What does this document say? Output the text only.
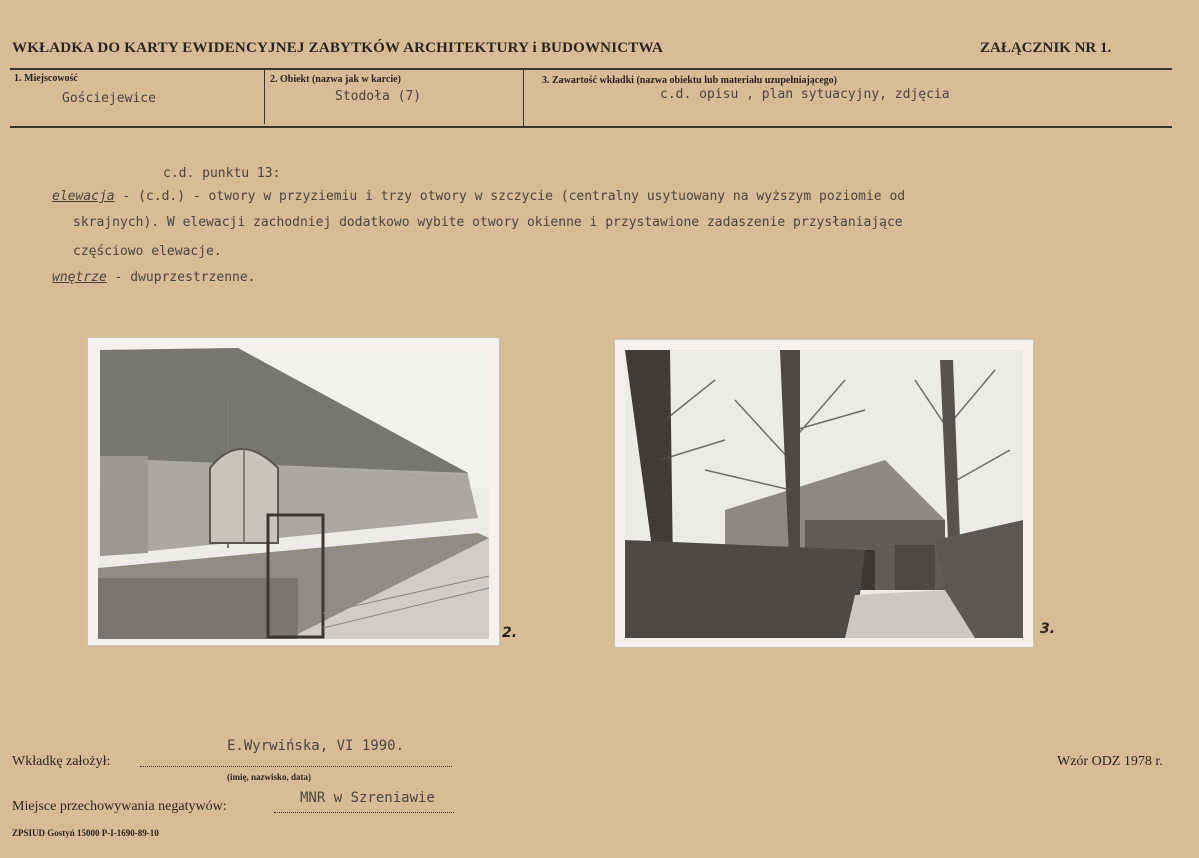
WKŁADKA DO KARTY EWIDENCYJNEJ ZABYTKÓW ARCHITEKTURY i BUDOWNICTWA	ZAŁĄCZNIK NR 1.
1. Miejscowość
Gościejewice
2. Obiekt (nazwa jak w karcie)
Stodoła (7)
3. Zawartość wkładki (nazwa obiektu lub materiału uzupełniającego)
c.d. opisu , plan sytuacyjny, zdjęcia
c.d. punktu 13:
elewacja - (c.d.) - otwory w przyziemiu i trzy otwory w szczycie (centralny usytuowany na wyższym poziomie od
skrajnych). W elewacji zachodniej dodatkowo wybite otwory okienne i przystawione zadaszenie przysłaniające
częściowo elewacje.
wnętrze - dwuprzestrzenne.
2.	3.
Wkładkę założył:
E.Wyrwińska, VI 1990.
(imię, nazwisko, data)
Wzór ODZ 1978 r.
Miejsce przechowywania negatywów:
MNR w Szreniawie
ZPSIUD Gostyń 15000 P-I-1690-89-10
